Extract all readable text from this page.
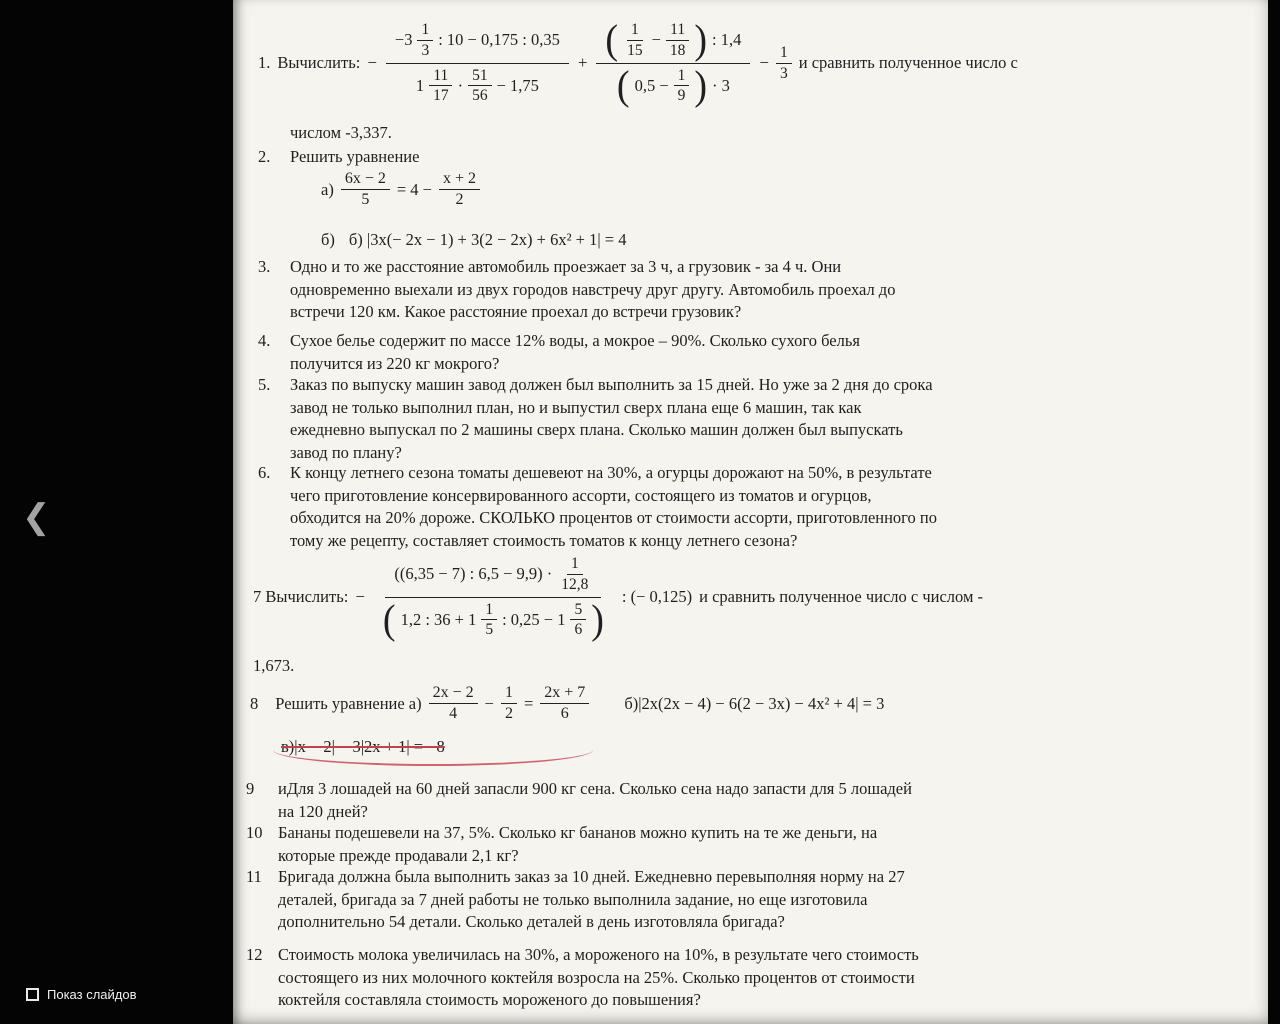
❮
Показ слайдов
1. Вычислить: −
$-3 \frac{1}{3}$ : 10 − 0,175 : 0,35
$1 \frac{11}{17} \cdot \frac{51}{56} - 1,75$
+ ( $\frac{1}{15} - \frac{11}{18}$ ) : 1,4
( $0,5 - \frac{1}{9}$ ) · 3
− $\frac{1}{3}$ и сравнить полученное число с
числом -3,337.
2.	Решить уравнение
$а) \frac{6x - 2}{5} = 4 - \frac{x + 2}{2}$
б) б) |3x(− 2x − 1) + 3(2 − 2x) + 6x² + 1| = 4
3.	Одно и то же расстояние автомобиль проезжает за 3 ч, а грузовик - за 4 ч. Они
одновременно выехали из двух городов навстречу друг другу. Автомобиль проехал до
встречи 120 км. Какое расстояние проехал до встречи грузовик?
4.	Сухое белье содержит по массе 12% воды, а мокрое – 90%. Сколько сухого белья
получится из 220 кг мокрого?
5.	Заказ по выпуску машин завод должен был выполнить за 15 дней. Но уже за 2 дня до срока
завод не только выполнил план, но и выпустил сверх плана еще 6 машин, так как
ежедневно выпускал по 2 машины сверх плана. Сколько машин должен был выпускать
завод по плану?
6.	К концу летнего сезона томаты дешевеют на 30%, а огурцы дорожают на 50%, в результате
чего приготовление консервированного ассорти, состоящего из томатов и огурцов,
обходится на 20% дороже. СКОЛЬКО процентов от стоимости ассорти, приготовленного по
тому же рецепту, составляет стоимость томатов к концу летнего сезона?
7 Вычислить: −
((6,35 − 7) : $6,5 - 9,9) \cdot \frac{1}{12,8}$
( 1,2 : $36 + 1 \frac{1}{5}$ : $0,25 - 1 \frac{5}{6}$ )
: (− 0,125) и сравнить полученное число с числом -
1,673.
8 Решить уравнение $а) \frac{2x - 2}{4} - \frac{1}{2} = \frac{2x + 7}{6} б)|2x(2x - 4) - 6(2 - 3x) - 4x^2 + 4| = 3$
в)|x − 2| − 3|2x + 1| = −8
9	иДля 3 лошадей на 60 дней запасли 900 кг сена. Сколько сена надо запасти для 5 лошадей
на 120 дней?
10 Бананы подешевели на 37, 5%. Сколько кг бананов можно купить на те же деньги, на
которые прежде продавали 2,1 кг?
11 Бригада должна была выполнить заказ за 10 дней. Ежедневно перевыполняя норму на 27
деталей, бригада за 7 дней работы не только выполнила задание, но еще изготовила
дополнительно 54 детали. Сколько деталей в день изготовляла бригада?
12 Стоимость молока увеличилась на 30%, а мороженого на 10%, в результате чего стоимость
состоящего из них молочного коктейля возросла на 25%. Сколько процентов от стоимости
коктейля составляла стоимость мороженого до повышения?
